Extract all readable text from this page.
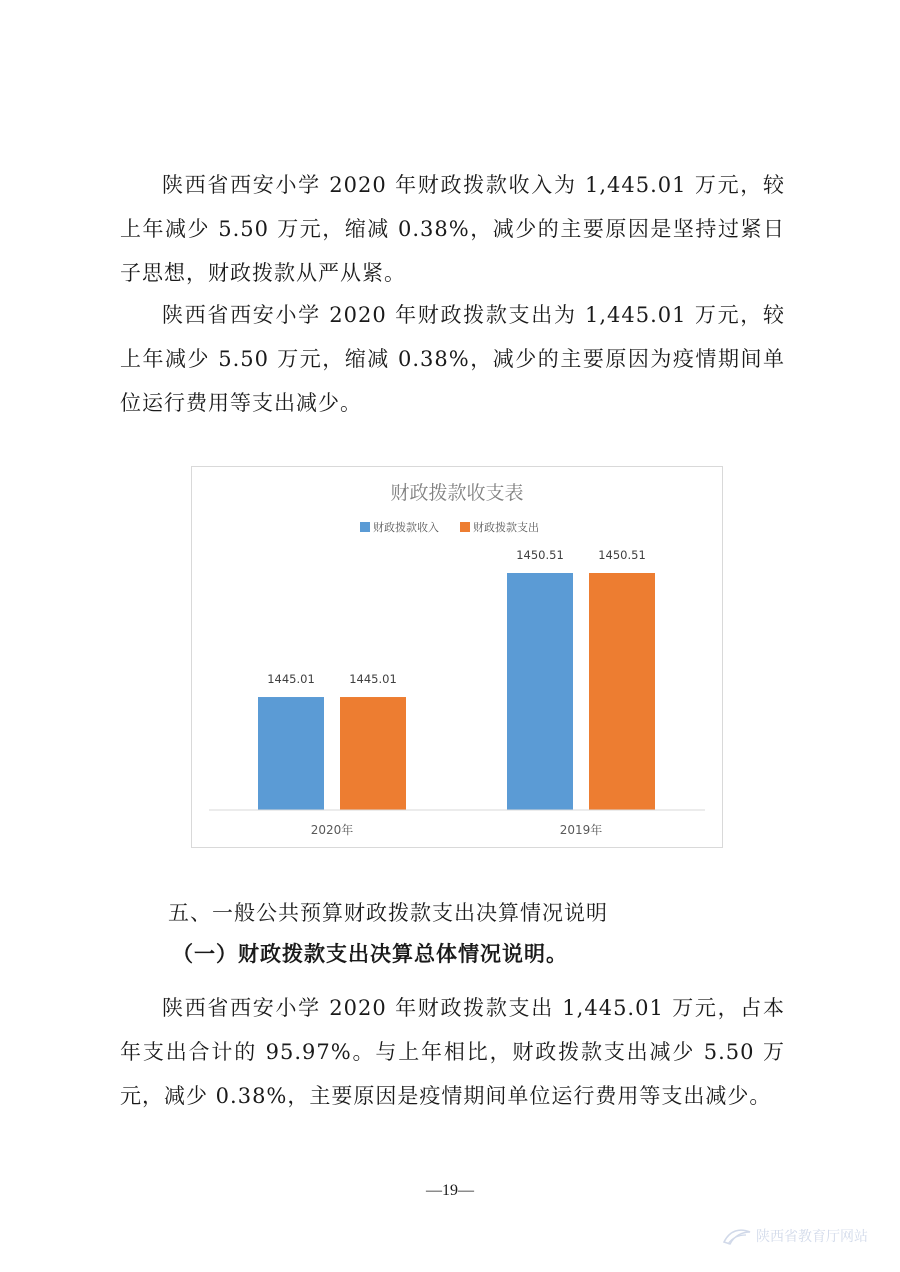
陕西省西安小学 2020 年财政拨款收入为 1,445.01 万元，较上年减少 5.50 万元，缩减 0.38%，减少的主要原因是坚持过紧日子思想，财政拨款从严从紧。

陕西省西安小学 2020 年财政拨款支出为 1,445.01 万元，较上年减少 5.50 万元，缩减 0.38%，减少的主要原因为疫情期间单位运行费用等支出减少。

财政拨款收支表
财政拨款收入	财政拨款支出
1445.01	1445.01
1450.51	1450.51
2020年	2019年
五、一般公共预算财政拨款支出决算情况说明
（一）财政拨款支出决算总体情况说明。

陕西省西安小学 2020 年财政拨款支出 1,445.01 万元，占本年支出合计的 95.97%。与上年相比，财政拨款支出减少 5.50 万元，减少 0.38%，主要原因是疫情期间单位运行费用等支出减少。

—19—
陕西省教育厅网站
